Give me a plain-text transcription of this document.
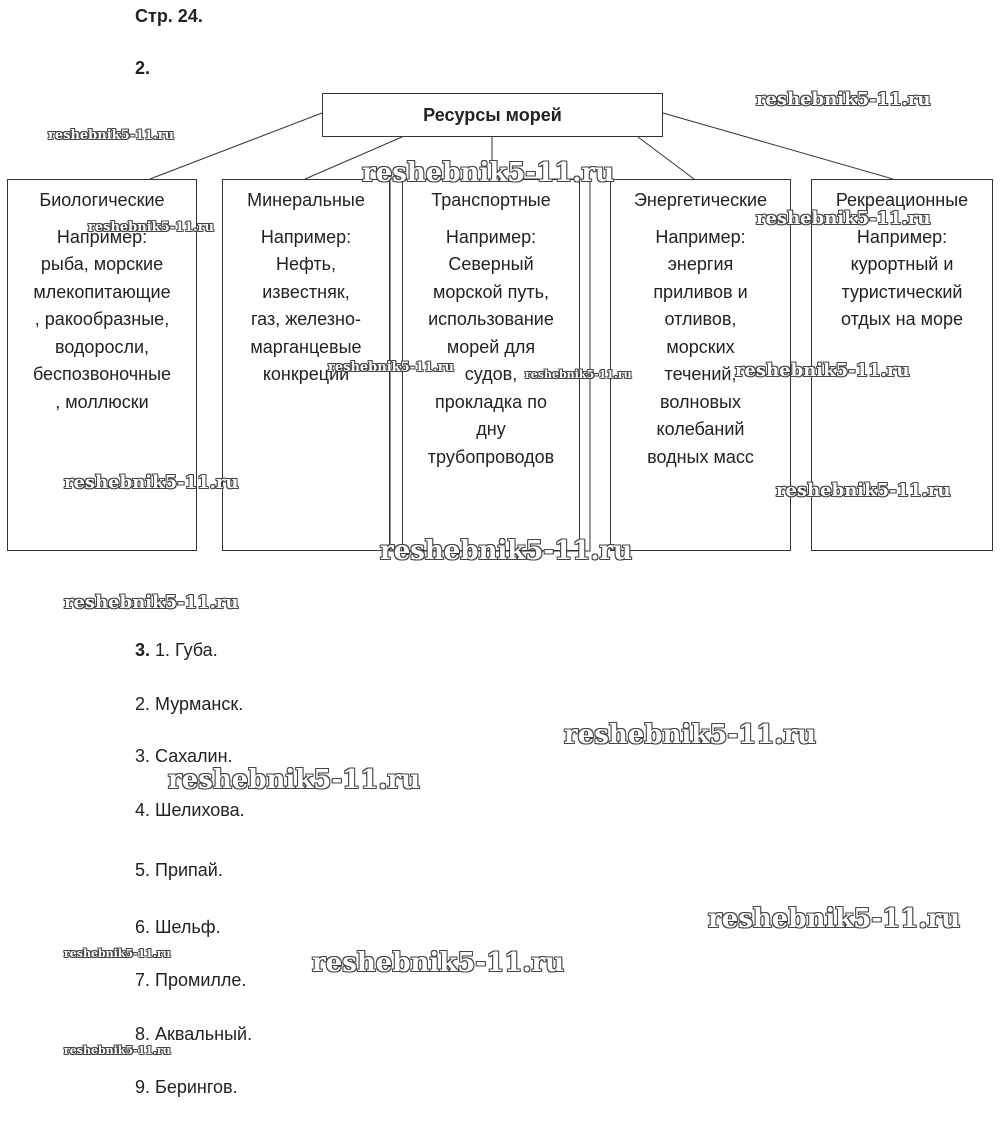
Стр. 24.
2.
Ресурсы морей
Биологические
Например:
рыба, морские
млекопитающие
, ракообразные,
водоросли,
беспозвоночные
, моллюски
Минеральные
Например:
Нефть,
известняк,
газ, железно-
марганцевые
конкреции
Транспортные
Например:
Северный
морской путь,
использование
морей для
судов,
прокладка по
дну
трубопроводов
Энергетические
Например:
энергия
приливов и
отливов,
морских
течений,
волновых
колебаний
водных масс
Рекреационные
Например:
курортный и
туристический
отдых на море
3. 1. Губа.
2. Мурманск.
3. Сахалин.
4. Шелихова.
5. Припай.
6. Шельф.
7. Промилле.
8. Аквальный.
9. Берингов.
reshebnik5-11.ru
reshebnik5-11.ru
reshebnik5-11.ru
reshebnik5-11.ru	reshebnik5-11.ru
reshebnik5-11.ru	reshebnik5-11.ru	reshebnik5-11.ru
reshebnik5-11.ru	reshebnik5-11.ru
reshebnik5-11.ru
reshebnik5-11.ru
reshebnik5-11.ru
reshebnik5-11.ru
reshebnik5-11.ru
reshebnik5-11.ru	reshebnik5-11.ru
reshebnik5-11.ru
